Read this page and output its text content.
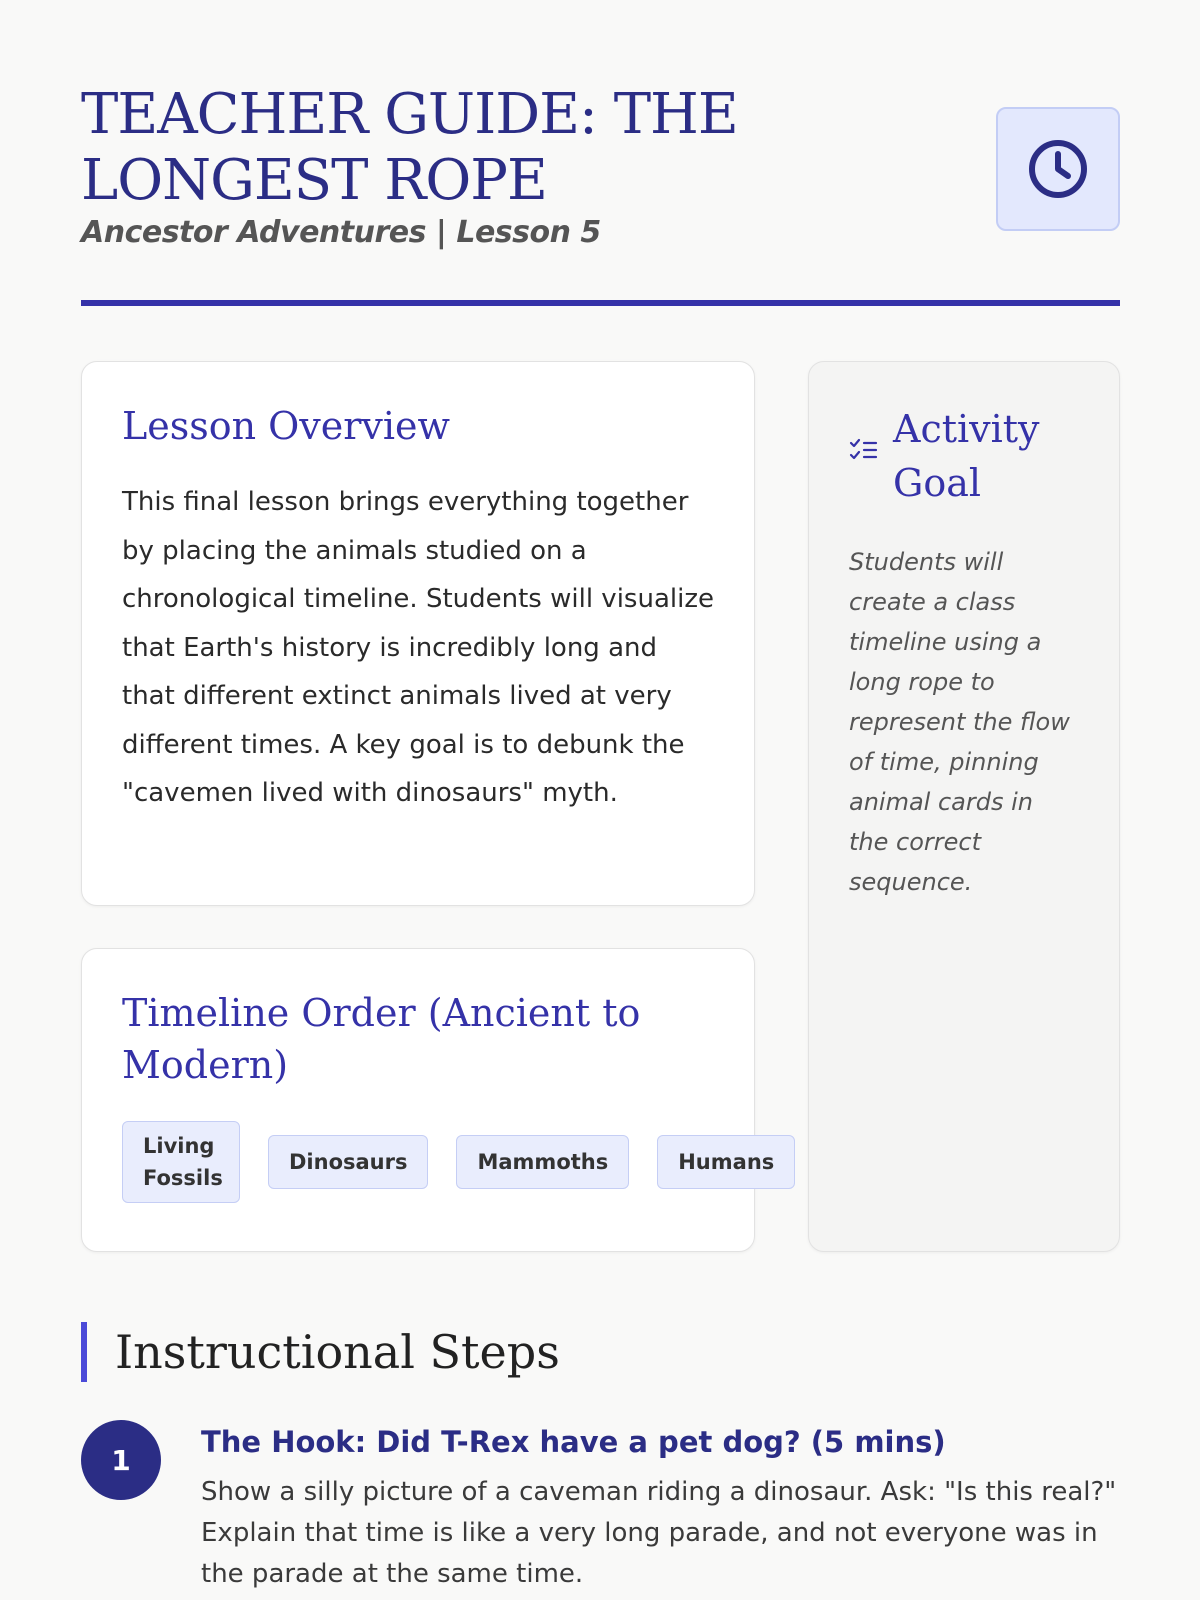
TEACHER GUIDE: THE LONGEST ROPE

Ancestor Adventures | Lesson 5

Lesson Overview

This final lesson brings everything together by placing the animals studied on a chronological timeline. Students will visualize that Earth's history is incredibly long and that different extinct animals lived at very different times. A key goal is to debunk the "cavemen lived with dinosaurs" myth.

Timeline Order (Ancient to Modern)
Living Fossils
Dinosaurs	Mammoths	Humans
Activity Goal

Students will create a class timeline using a long rope to represent the flow of time, pinning animal cards in the correct sequence.

Instructional Steps
1
The Hook: Did T-Rex have a pet dog? (5 mins)

Show a silly picture of a caveman riding a dinosaur. Ask: "Is this real?" Explain that time is like a very long parade, and not everyone was in the parade at the same time.
